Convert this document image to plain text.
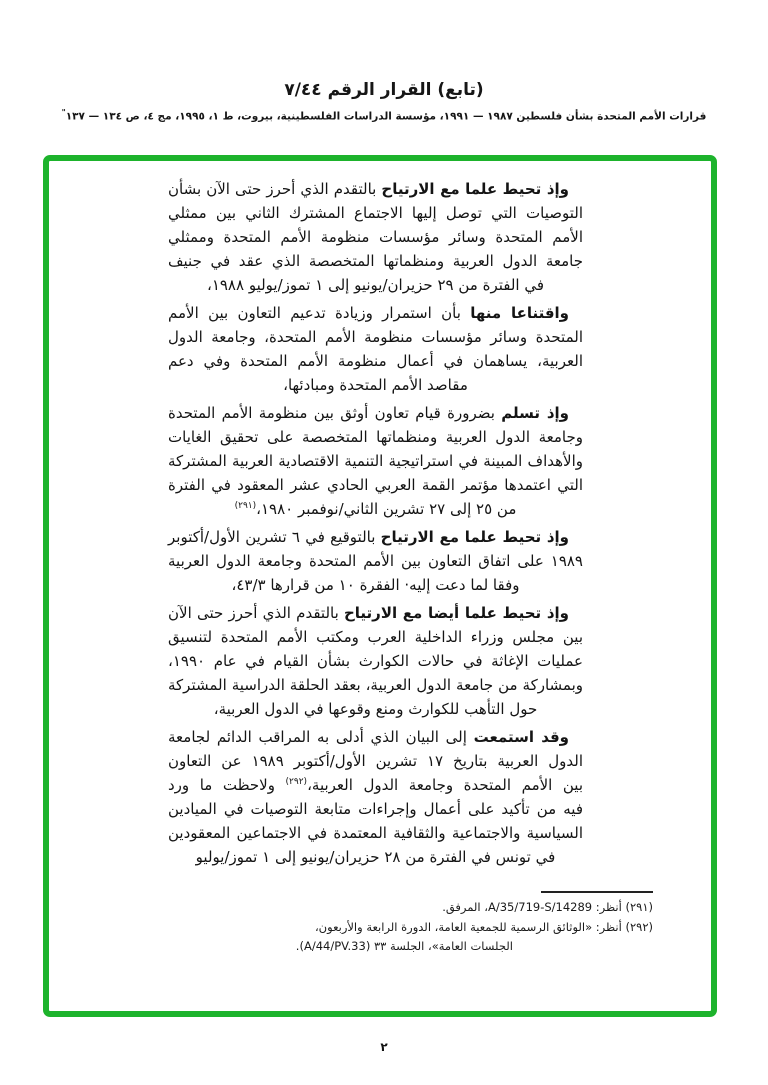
(تابع) القرار الرقم ٧/٤٤
قرارات الأمم المتحدة بشأن فلسطين ١٩٨٧ — ١٩٩١، مؤسسة الدراسات الفلسطينية، بيروت، ط ١، ١٩٩٥، مج ٤، ص ١٣٤ — ١٣٧"
وإذ تحيط علما مع الارتياح بالتقدم الذي أحرز حتى الآن بشأن
التوصيات التي توصل إليها الاجتماع المشترك الثاني بين ممثلي
الأمم المتحدة وسائر مؤسسات منظومة الأمم المتحدة وممثلي
جامعة الدول العربية ومنظماتها المتخصصة الذي عقد في جنيف
في الفترة من ٢٩ حزيران/يونيو إلى ١ تموز/يوليو ١٩٨٨،
واقتناعا منها بأن استمرار وزيادة تدعيم التعاون بين الأمم
المتحدة وسائر مؤسسات منظومة الأمم المتحدة، وجامعة الدول
العربية، يساهمان في أعمال منظومة الأمم المتحدة وفي دعم
مقاصد الأمم المتحدة ومبادئها،
وإذ تسلم بضرورة قيام تعاون أوثق بين منظومة الأمم المتحدة
وجامعة الدول العربية ومنظماتها المتخصصة على تحقيق الغايات
والأهداف المبينة في استراتيجية التنمية الاقتصادية العربية المشتركة
التي اعتمدها مؤتمر القمة العربي الحادي عشر المعقود في الفترة
من ٢٥ إلى ٢٧ تشرين الثاني/نوفمبر ١٩٨٠،$^{(٢٩١)}$
وإذ تحيط علما مع الارتياح بالتوقيع في ٦ تشرين الأول/أكتوبر
١٩٨٩ على اتفاق التعاون بين الأمم المتحدة وجامعة الدول العربية
وفقا لما دعت إليه· الفقرة ١٠ من قرارها ٤٣/٣،
وإذ تحيط علما أيضا مع الارتياح بالتقدم الذي أحرز حتى الآن
بين مجلس وزراء الداخلية العرب ومكتب الأمم المتحدة لتنسيق
عمليات الإغاثة في حالات الكوارث بشأن القيام في عام ١٩٩٠،
وبمشاركة من جامعة الدول العربية، بعقد الحلقة الدراسية المشتركة
حول التأهب للكوارث ومنع وقوعها في الدول العربية،
وقد استمعت إلى البيان الذي أدلى به المراقب الدائم لجامعة
الدول العربية بتاريخ ١٧ تشرين الأول/أكتوبر ١٩٨٩ عن التعاون
بين الأمم المتحدة وجامعة الدول العربية،$^{(٢٩٢)}$ ولاحظت ما ورد
فيه من تأكيد على أعمال وإجراءات متابعة التوصيات في الميادين
السياسية والاجتماعية والثقافية المعتمدة في الاجتماعين المعقودين
في تونس في الفترة من ٢٨ حزيران/يونيو إلى ١ تموز/يوليو
(٢٩١) أنظر: A/35/719-S/14289، المرفق.
(٢٩٢) أنظر: «الوثائق الرسمية للجمعية العامة، الدورة الرابعة والأربعون،
الجلسات العامة»، الجلسة ٣٣ (A/44/PV.33).
٢
